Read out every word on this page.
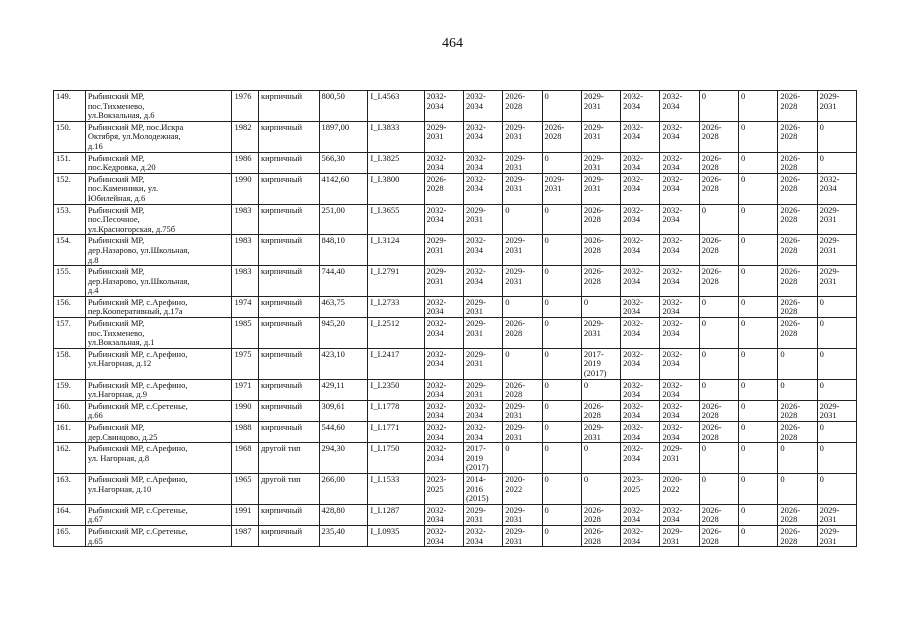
464
149.	Рыбинский МР,
пос.Тихменево,
ул.Вокзальная, д.6	1976	кирпичный	800,50	I_I.4563	2032-
2034	2032-
2034	2026-
2028	0	2029-
2031	2032-
2034	2032-
2034	0	0	2026-
2028	2029-
2031
150.	Рыбинский МР, пос.Искра
Октября, ул.Молодежная,
д.16	1982	кирпичный	1897,00	I_I.3833	2029-
2031	2032-
2034	2029-
2031	2026-
2028	2029-
2031	2032-
2034	2032-
2034	2026-
2028	0	2026-
2028	0
151.	Рыбинский МР,
пос.Кедровка, д.20	1986	кирпичный	566,30	I_I.3825	2032-
2034	2032-
2034	2029-
2031	0	2029-
2031	2032-
2034	2032-
2034	2026-
2028	0	2026-
2028	0
152.	Рыбинский МР,
пос.Каменники, ул.
Юбилейная, д.6	1990	кирпичный	4142,60	I_I.3800	2026-
2028	2032-
2034	2029-
2031	2029-
2031	2029-
2031	2032-
2034	2032-
2034	2026-
2028	0	2026-
2028	2032-
2034
153.	Рыбинский МР,
пос.Песочное,
ул.Красногорская, д.75б	1983	кирпичный	251,00	I_I.3655	2032-
2034	2029-
2031	0	0	2026-
2028	2032-
2034	2032-
2034	0	0	2026-
2028	2029-
2031
154.	Рыбинский МР,
дер.Назарово, ул.Школьная,
д.8	1983	кирпичный	848,10	I_I.3124	2029-
2031	2032-
2034	2029-
2031	0	2026-
2028	2032-
2034	2032-
2034	2026-
2028	0	2026-
2028	2029-
2031
155.	Рыбинский МР,
дер.Назарово, ул.Школьная,
д.4	1983	кирпичный	744,40	I_I.2791	2029-
2031	2032-
2034	2029-
2031	0	2026-
2028	2032-
2034	2032-
2034	2026-
2028	0	2026-
2028	2029-
2031
156.	Рыбинский МР, с.Арефино,
пер.Кооперативный, д.17а	1974	кирпичный	463,75	I_I.2733	2032-
2034	2029-
2031	0	0	0	2032-
2034	2032-
2034	0	0	2026-
2028	0
157.	Рыбинский МР,
пос.Тихменево,
ул.Вокзальная, д.1	1985	кирпичный	945,20	I_I.2512	2032-
2034	2029-
2031	2026-
2028	0	2029-
2031	2032-
2034	2032-
2034	0	0	2026-
2028	0
158.	Рыбинский МР, с.Арефино,
ул.Нагорная, д.12	1975	кирпичный	423,10	I_I.2417	2032-
2034	2029-
2031	0	0	2017-
2019
(2017)	2032-
2034	2032-
2034	0	0	0	0
159.	Рыбинский МР, с.Арефино,
ул.Нагорная, д.9	1971	кирпичный	429,11	I_I.2350	2032-
2034	2029-
2031	2026-
2028	0	0	2032-
2034	2032-
2034	0	0	0	0
160.	Рыбинский МР, с.Сретенье,
д.66	1990	кирпичный	309,61	I_I.1778	2032-
2034	2032-
2034	2029-
2031	0	2026-
2028	2032-
2034	2032-
2034	2026-
2028	0	2026-
2028	2029-
2031
161.	Рыбинский МР,
дер.Свинцово, д.25	1988	кирпичный	544,60	I_I.1771	2032-
2034	2032-
2034	2029-
2031	0	2029-
2031	2032-
2034	2032-
2034	2026-
2028	0	2026-
2028	0
162.	Рыбинский МР, с.Арефино,
ул. Нагорная, д.8	1968	другой тип	294,30	I_I.1750	2032-
2034	2017-
2019
(2017)	0	0	0	2032-
2034	2029-
2031	0	0	0	0
163.	Рыбинский МР, с.Арефино,
ул.Нагорная, д.10	1965	другой тип	266,00	I_I.1533	2023-
2025	2014-
2016
(2015)	2020-
2022	0	0	2023-
2025	2020-
2022	0	0	0	0
164.	Рыбинский МР, с.Сретенье,
д.67	1991	кирпичный	428,80	I_I.1287	2032-
2034	2029-
2031	2029-
2031	0	2026-
2028	2032-
2034	2032-
2034	2026-
2028	0	2026-
2028	2029-
2031
165.	Рыбинский МР, с.Сретенье,
д.65	1987	кирпичный	235,40	I_I.0935	2032-
2034	2032-
2034	2029-
2031	0	2026-
2028	2032-
2034	2029-
2031	2026-
2028	0	2026-
2028	2029-
2031
